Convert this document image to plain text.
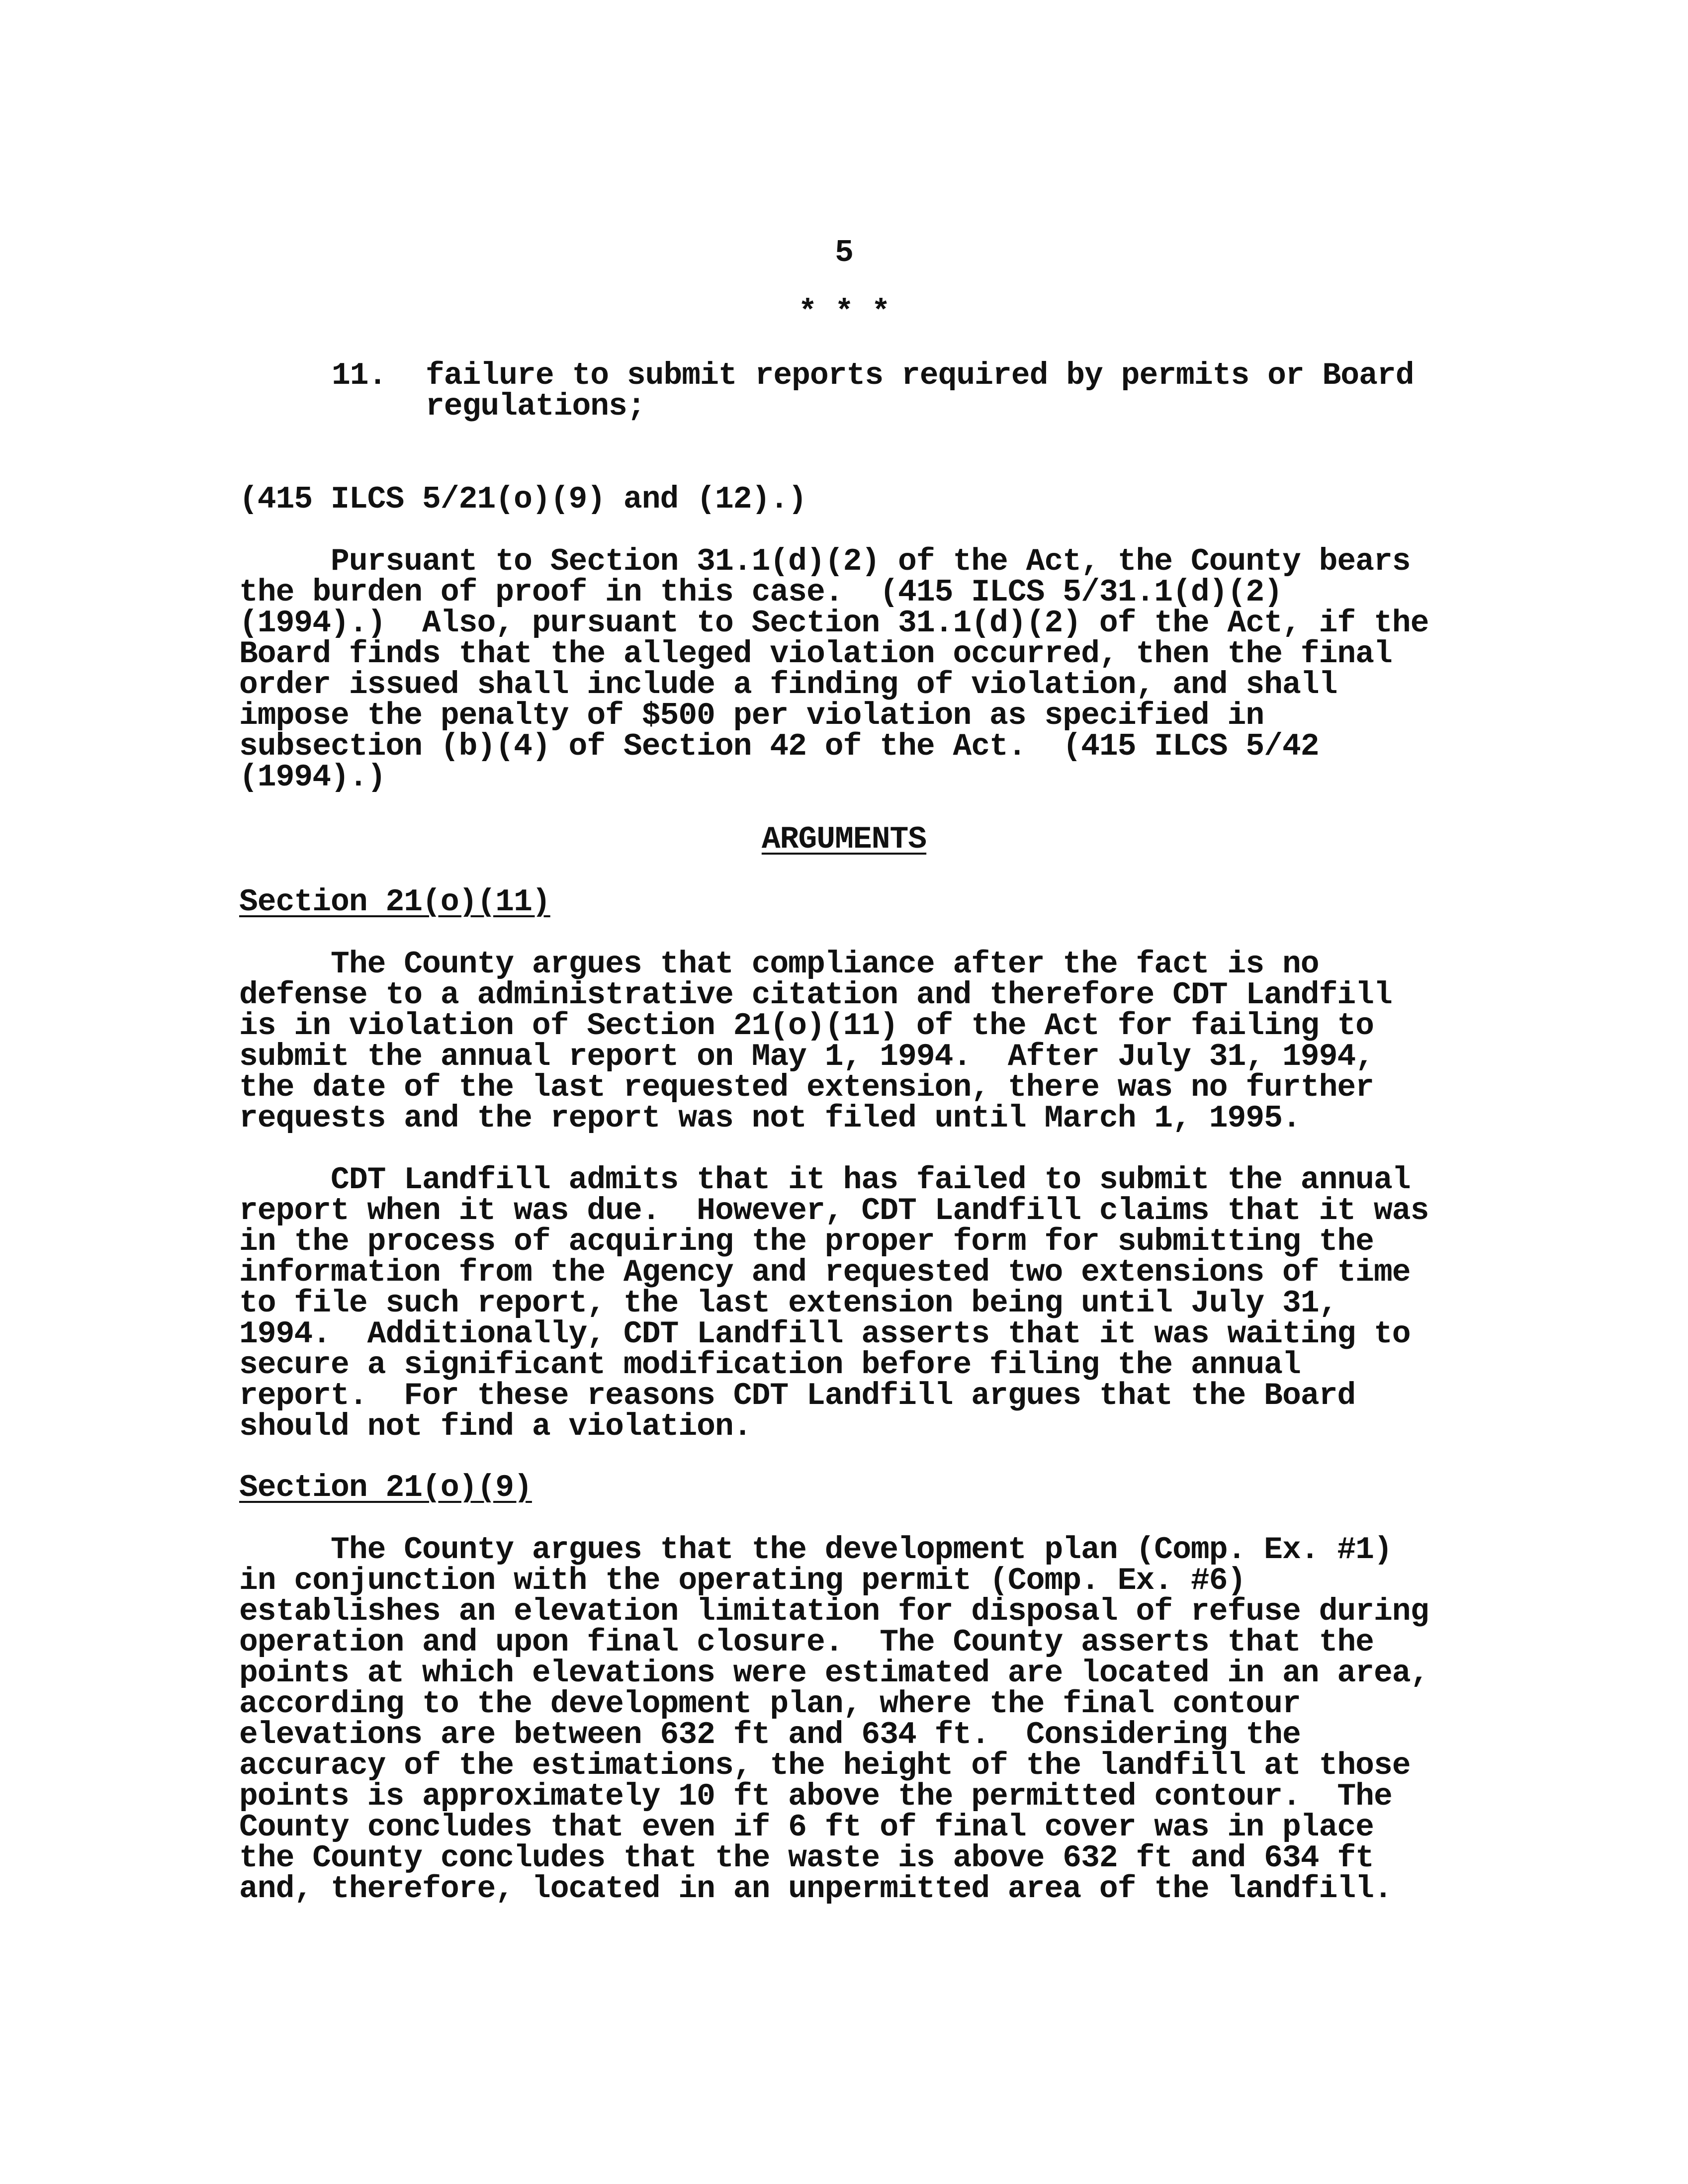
5
* * *
11. failure to submit reports required by permits or Board
regulations;
(415 ILCS 5/21(o)(9) and (12).)
Pursuant to Section 31.1(d)(2) of the Act, the County bears
the burden of proof in this case.  (415 ILCS 5/31.1(d)(2)
(1994).)  Also, pursuant to Section 31.1(d)(2) of the Act, if the
Board finds that the alleged violation occurred, then the final
order issued shall include a finding of violation, and shall
impose the penalty of $500 per violation as specified in
subsection (b)(4) of Section 42 of the Act.  (415 ILCS 5/42
(1994).)
ARGUMENTS
Section 21(o)(11)
The County argues that compliance after the fact is no
defense to a administrative citation and therefore CDT Landfill
is in violation of Section 21(o)(11) of the Act for failing to
submit the annual report on May 1, 1994.  After July 31, 1994,
the date of the last requested extension, there was no further
requests and the report was not filed until March 1, 1995.
CDT Landfill admits that it has failed to submit the annual
report when it was due.  However, CDT Landfill claims that it was
in the process of acquiring the proper form for submitting the
information from the Agency and requested two extensions of time
to file such report, the last extension being until July 31,
1994.  Additionally, CDT Landfill asserts that it was waiting to
secure a significant modification before filing the annual
report.  For these reasons CDT Landfill argues that the Board
should not find a violation.
Section 21(o)(9)
The County argues that the development plan (Comp. Ex. #1)
in conjunction with the operating permit (Comp. Ex. #6)
establishes an elevation limitation for disposal of refuse during
operation and upon final closure.  The County asserts that the
points at which elevations were estimated are located in an area,
according to the development plan, where the final contour
elevations are between 632 ft and 634 ft.  Considering the
accuracy of the estimations, the height of the landfill at those
points is approximately 10 ft above the permitted contour.  The
County concludes that even if 6 ft of final cover was in place
the County concludes that the waste is above 632 ft and 634 ft
and, therefore, located in an unpermitted area of the landfill.
